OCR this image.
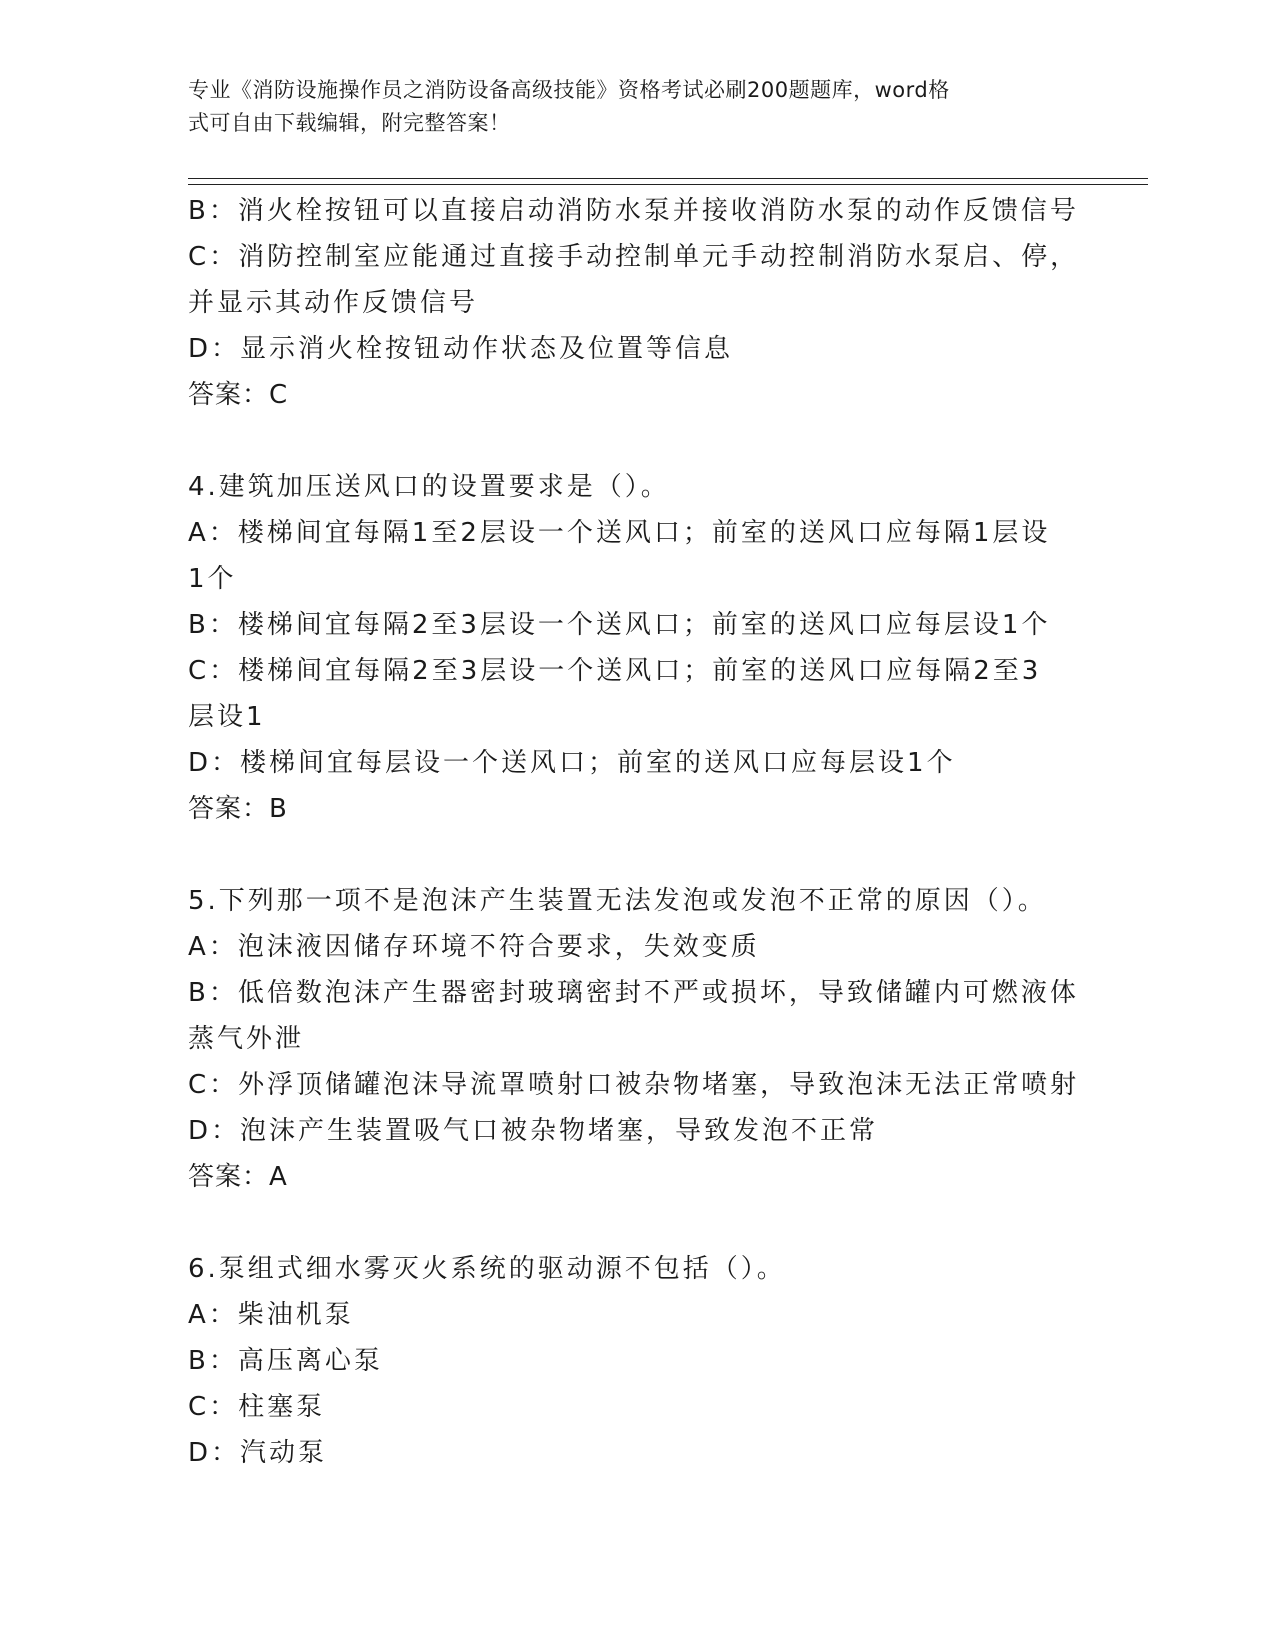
专业《消防设施操作员之消防设备高级技能》资格考试必刷200题题库，word格
式可自由下载编辑，附完整答案！
B：消火栓按钮可以直接启动消防水泵并接收消防水泵的动作反馈信号
C：消防控制室应能通过直接手动控制单元手动控制消防水泵启、停，
并显示其动作反馈信号
D：显示消火栓按钮动作状态及位置等信息
答案：C
4.建筑加压送风口的设置要求是（）。
A：楼梯间宜每隔1至2层设一个送风口；前室的送风口应每隔1层设
1个
B：楼梯间宜每隔2至3层设一个送风口；前室的送风口应每层设1个
C：楼梯间宜每隔2至3层设一个送风口；前室的送风口应每隔2至3
层设1
D：楼梯间宜每层设一个送风口；前室的送风口应每层设1个
答案：B
5.下列那一项不是泡沫产生装置无法发泡或发泡不正常的原因（）。
A：泡沫液因储存环境不符合要求，失效变质
B：低倍数泡沫产生器密封玻璃密封不严或损坏，导致储罐内可燃液体
蒸气外泄
C：外浮顶储罐泡沫导流罩喷射口被杂物堵塞，导致泡沫无法正常喷射
D：泡沫产生装置吸气口被杂物堵塞，导致发泡不正常
答案：A
6.泵组式细水雾灭火系统的驱动源不包括（）。
A：柴油机泵
B：高压离心泵
C：柱塞泵
D：汽动泵
